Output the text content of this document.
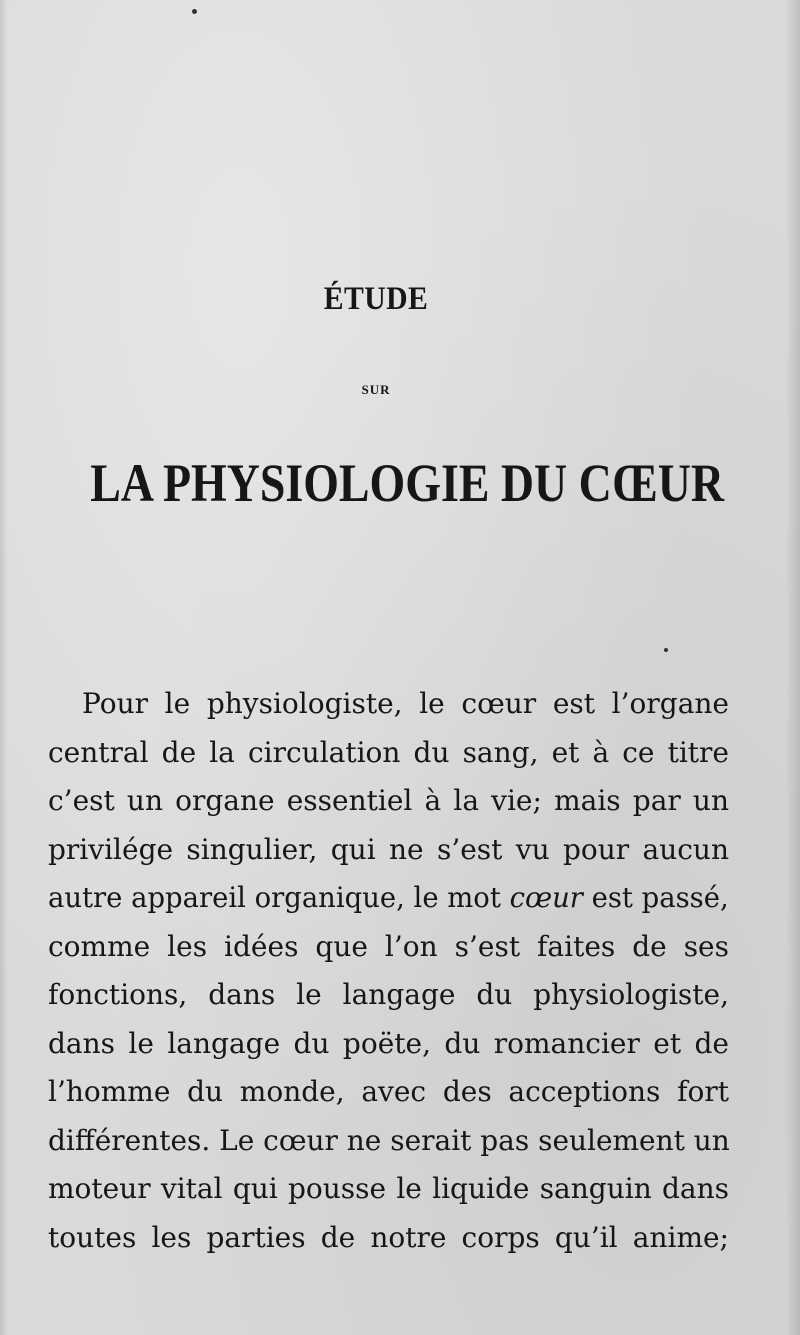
ÉTUDE
SUR
LA PHYSIOLOGIE DU CŒUR
Pour le physiologiste, le cœur est l’organe
central de la circulation du sang, et à ce titre
c’est un organe essentiel à la vie; mais par un
privilége singulier, qui ne s’est vu pour aucun
autre appareil organique, le mot cœur est passé,
comme les idées que l’on s’est faites de ses
fonctions, dans le langage du physiologiste,
dans le langage du poëte, du romancier et de
l’homme du monde, avec des acceptions fort
différentes. Le cœur ne serait pas seulement un
moteur vital qui pousse le liquide sanguin dans
toutes les parties de notre corps qu’il anime;
